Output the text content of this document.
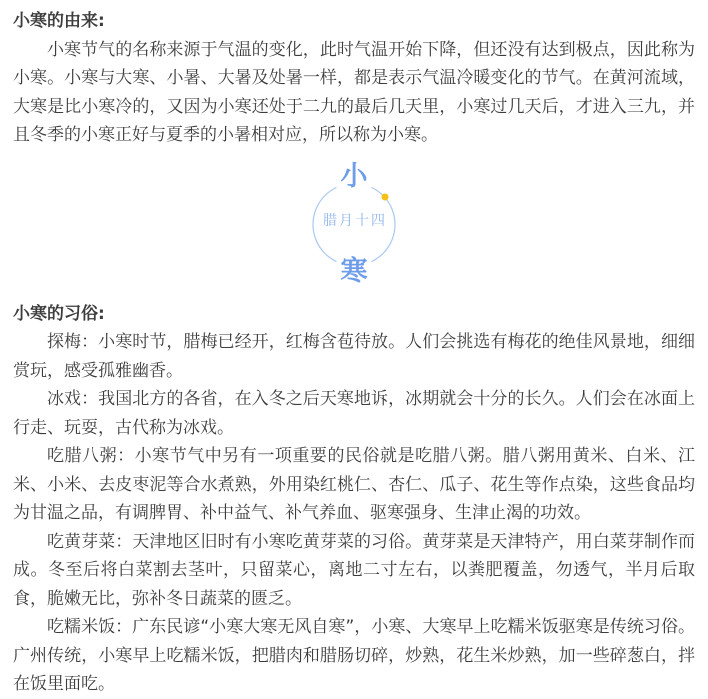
小寒的由来:

小寒节气的名称来源于气温的变化，此时气温开始下降，但还没有达到极点，因此称为小寒。小寒与大寒、小暑、大暑及处暑一样，都是表示气温冷暖变化的节气。在黄河流域，大寒是比小寒冷的，又因为小寒还处于二九的最后几天里，小寒过几天后，才进入三九，并且冬季的小寒正好与夏季的小暑相对应，所以称为小寒。

小
腊月十四
寒
小寒的习俗:

探梅：小寒时节，腊梅已经开，红梅含苞待放。人们会挑选有梅花的绝佳风景地，细细赏玩，感受孤雅幽香。

冰戏：我国北方的各省，在入冬之后天寒地诉，冰期就会十分的长久。人们会在冰面上行走、玩耍，古代称为冰戏。

吃腊八粥：小寒节气中另有一项重要的民俗就是吃腊八粥。腊八粥用黄米、白米、江米、小米、去皮枣泥等合水煮熟，外用染红桃仁、杏仁、瓜子、花生等作点染，这些食品均为甘温之品，有调脾胃、补中益气、补气养血、驱寒强身、生津止渴的功效。

吃黄芽菜：天津地区旧时有小寒吃黄芽菜的习俗。黄芽菜是天津特产，用白菜芽制作而成。冬至后将白菜割去茎叶，只留菜心，离地二寸左右，以粪肥覆盖，勿透气，半月后取食，脆嫩无比，弥补冬日蔬菜的匮乏。

吃糯米饭：广东民谚“小寒大寒无风自寒”，小寒、大寒早上吃糯米饭驱寒是传统习俗。广州传统，小寒早上吃糯米饭，把腊肉和腊肠切碎，炒熟，花生米炒熟，加一些碎葱白，拌在饭里面吃。
